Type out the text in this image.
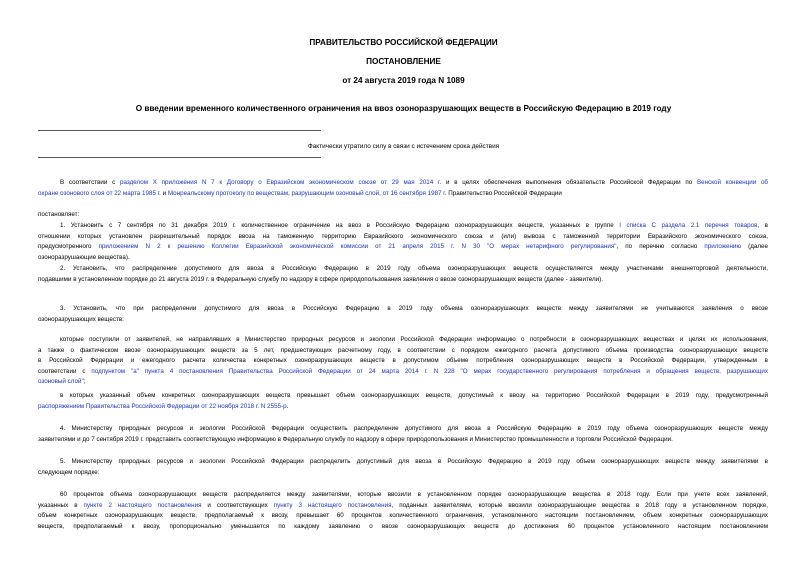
ПРАВИТЕЛЬСТВО РОССИЙСКОЙ ФЕДЕРАЦИИ
ПОСТАНОВЛЕНИЕ
от 24 августа 2019 года N 1089
О введении временного количественного ограничения на ввоз озоноразрушающих веществ в Российскую Федерацию в 2019 году
Фактически утратило силу в связи с истечением срока действия
В соответствии с разделом X приложения N 7 к Договору о Евразийском экономическом союзе от 29 мая 2014 г. и в целях обеспечения выполнения обязательств Российской Федерации по Венской конвенции об
охране озонового слоя от 22 марта 1985 г. и Монреальскому протоколу по веществам, разрушающим озоновый слой, от 16 сентября 1987 г. Правительство Российской Федерации
постановляет:
1. Установить с 7 сентября по 31 декабря 2019 г. количественное ограничение на ввоз в Российскую Федерацию озоноразрушающих веществ, указанных в группе I списка С раздела 2.1 перечня товаров, в
отношении которых установлен разрешительный порядок ввоза на таможенную территорию Евразийского экономического союза и (или) вывоза с таможенной территории Евразийского экономического союза,
предусмотренного приложением N 2 к решению Коллегии Евразийской экономической комиссии от 21 апреля 2015 г. N 30 "О мерах нетарифного регулирования", по перечню согласно приложению (далее
озоноразрушающие вещества).
2. Установить, что распределение допустимого для ввоза в Российскую Федерацию в 2019 году объема озоноразрушающих веществ осуществляется между участниками внешнеторговой деятельности,
подавшими в установленном порядке до 21 августа 2019 г. в Федеральную службу по надзору в сфере природопользования заявления о ввозе озоноразрушающих веществ (далее - заявители).
3. Установить, что при распределении допустимого для ввоза в Российскую Федерацию в 2019 году объема озоноразрушающих веществ между заявителями не учитываются заявления о ввозе
озоноразрушающих веществ:
которые поступили от заявителей, не направлявших в Министерство природных ресурсов и экологии Российской Федерации информацию о потребности в озоноразрушающих веществах и целях их использования,
а также о фактическом ввозе озоноразрушающих веществ за 5 лет, предшествующих расчетному году, в соответствии с порядком ежегодного расчета допустимого объема производства озоноразрушающих веществ
в Российской Федерации и ежегодного расчета количества конкретных озоноразрушающих веществ в допустимом объеме потребления озоноразрушающих веществ в Российской Федерации, утвержденным в
соответствии с подпунктом "а" пункта 4 постановления Правительства Российской Федерации от 24 марта 2014 г. N 228 "О мерах государственного регулирования потребления и обращения веществ, разрушающих
озоновый слой";
в которых указанный объем конкретных озоноразрушающих веществ превышает объем озоноразрушающих веществ, допустимый к ввозу на территорию Российской Федерации в 2019 году, предусмотренный
распоряжением Правительства Российской Федерации от 22 ноября 2018 г. N 2555-р.
4. Министерству природных ресурсов и экологии Российской Федерации осуществить распределение допустимого для ввоза в Российскую Федерацию в 2019 году объема озоноразрушающих веществ между
заявителями и до 7 сентября 2019 г. представить соответствующую информацию в Федеральную службу по надзору в сфере природопользования и Министерство промышленности и торговли Российской Федерации.
5. Министерству природных ресурсов и экологии Российской Федерации распределить допустимый для ввоза в Российскую Федерацию в 2019 году объем озоноразрушающих веществ между заявителями в
следующем порядке:
60 процентов объема озоноразрушающих веществ распределяется между заявителями, которые ввозили в установленном порядке озоноразрушающие вещества в 2018 году. Если при учете всех заявлений,
указанных в пункте 2 настоящего постановления и соответствующих пункту 3 настоящего постановления, поданных заявителями, которые ввозили озоноразрушающие вещества в 2018 году в установленном порядке,
объем конкретных озоноразрушающих веществ, предполагаемый к ввозу, превышает 60 процентов количественного ограничения, установленного настоящим постановлением, объем конкретных озоноразрушающих
веществ, предполагаемый к ввозу, пропорционально уменьшается по каждому заявлению о ввозе озоноразрушающих веществ до достижения 60 процентов установленного настоящим постановлением
